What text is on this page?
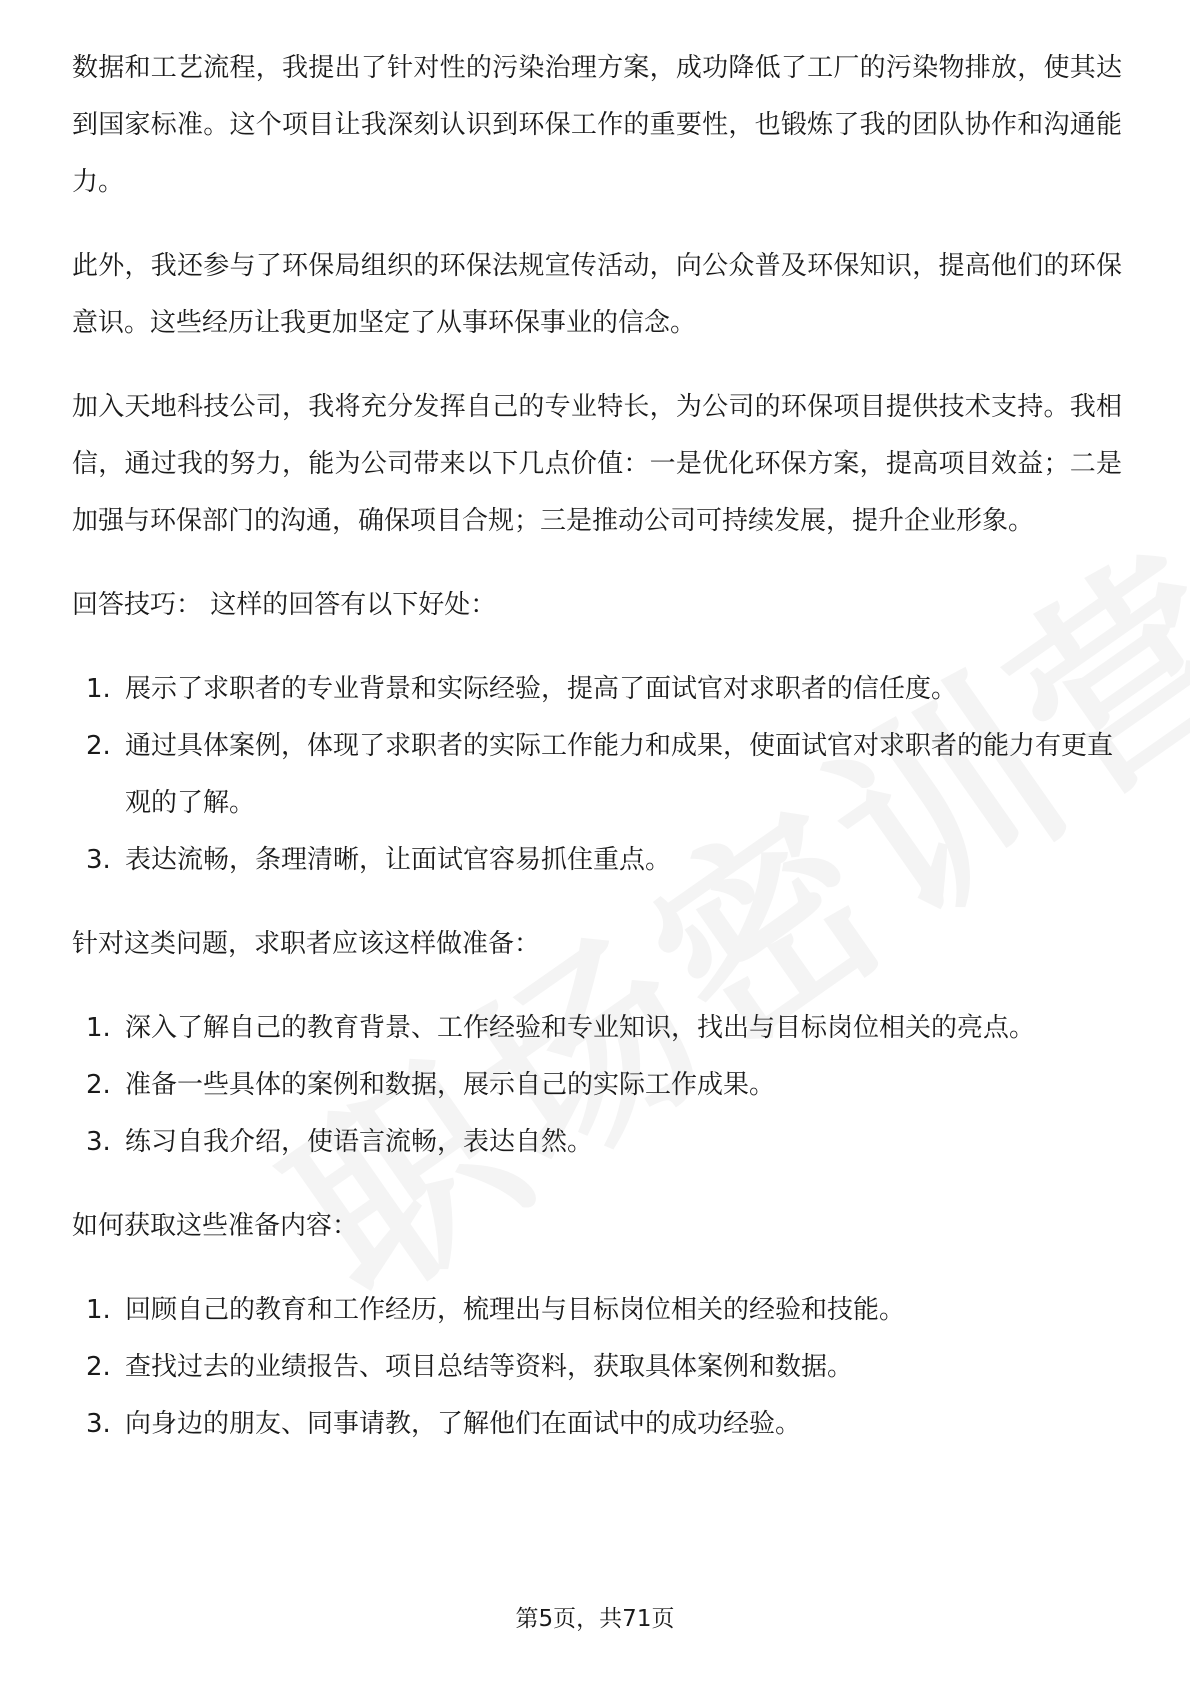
数据和工艺流程，我提出了针对性的污染治理方案，成功降低了工厂的污染物排放，使其达到国家标准。这个项目让我深刻认识到环保工作的重要性，也锻炼了我的团队协作和沟通能力。

此外，我还参与了环保局组织的环保法规宣传活动，向公众普及环保知识，提高他们的环保意识。这些经历让我更加坚定了从事环保事业的信念。

加入天地科技公司，我将充分发挥自己的专业特长，为公司的环保项目提供技术支持。我相信，通过我的努力，能为公司带来以下几点价值：一是优化环保方案，提高项目效益；二是加强与环保部门的沟通，确保项目合规；三是推动公司可持续发展，提升企业形象。

回答技巧： 这样的回答有以下好处：

1. 展示了求职者的专业背景和实际经验，提高了面试官对求职者的信任度。
2. 通过具体案例，体现了求职者的实际工作能力和成果，使面试官对求职者的能力有更直观的了解。
3. 表达流畅，条理清晰，让面试官容易抓住重点。

针对这类问题，求职者应该这样做准备：

1. 深入了解自己的教育背景、工作经验和专业知识，找出与目标岗位相关的亮点。
2. 准备一些具体的案例和数据，展示自己的实际工作成果。
3. 练习自我介绍，使语言流畅，表达自然。

如何获取这些准备内容：

1. 回顾自己的教育和工作经历，梳理出与目标岗位相关的经验和技能。
2. 查找过去的业绩报告、项目总结等资料，获取具体案例和数据。
3. 向身边的朋友、同事请教，了解他们在面试中的成功经验。
第5页，共71页
